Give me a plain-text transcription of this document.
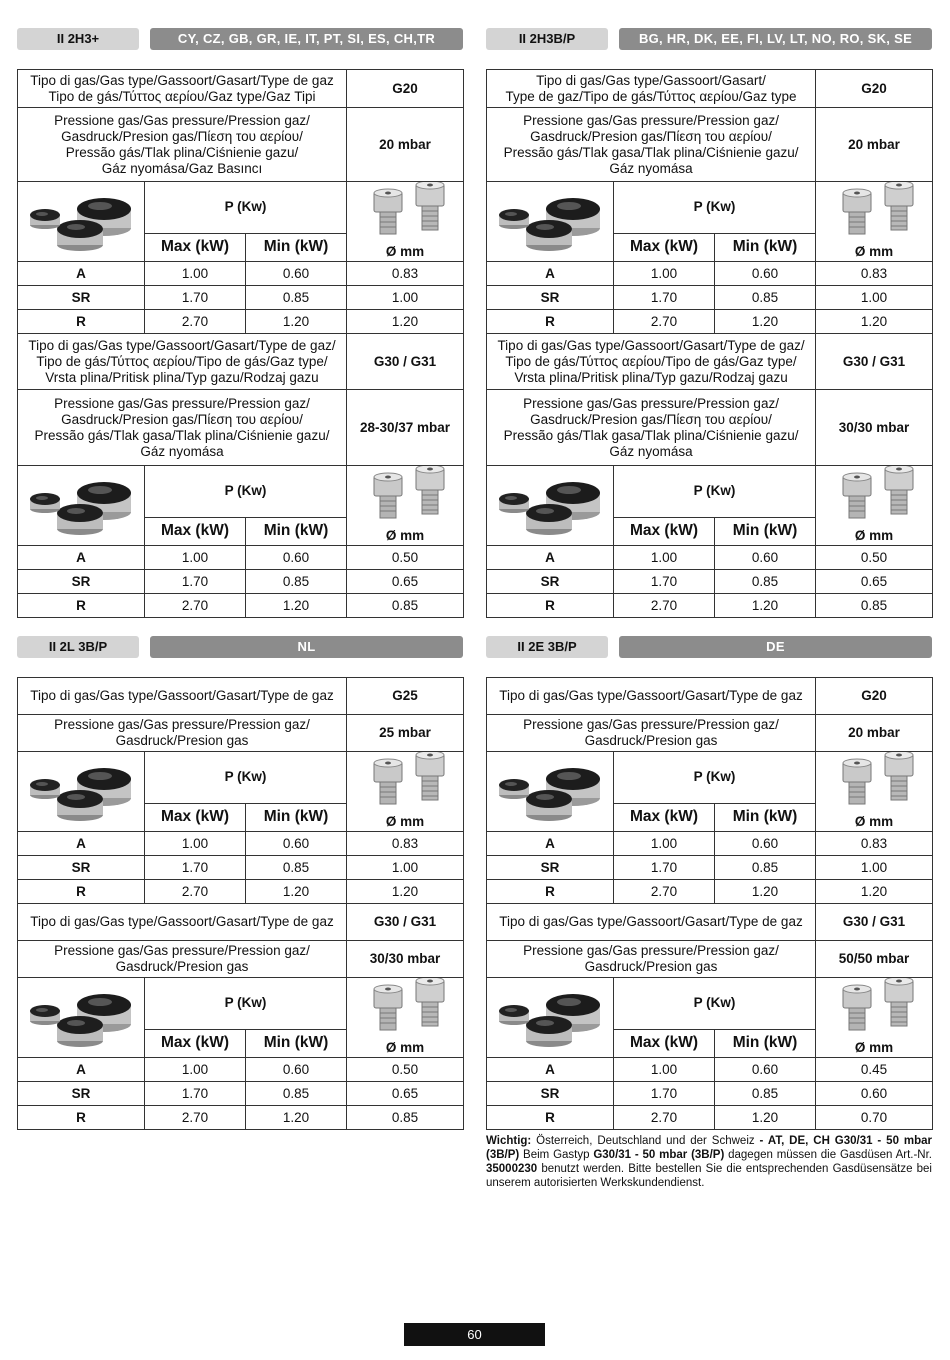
II 2H3+	CY, CZ, GB, GR, IE, IT, PT, SI, ES, CH,TR
Tipo di gas/Gas type/Gassoort/Gasart/Type de gaz
Tipo de gás/Τύττος αερίου/Gaz type/Gaz Tipi			G20
Pressione gas/Gas pressure/Pression gaz/
Gasdruck/Presion gas/Πίεση του αερίου/
Pressão gás/Tlak plina/Ciśnienie gazu/
Gáz nyomása/Gaz Basıncı			20 mbar

	P (Kw)		Ø mm

	Max (kW)	Min (kW)	
A	1.00	0.60	0.83
SR	1.70	0.85	1.00
R	2.70	1.20	1.20
Tipo di gas/Gas type/Gassoort/Gasart/Type de gaz/
Tipo de gás/Τύττος αερίου/Tipo de gás/Gaz type/
Vrsta plina/Pritisk plina/Typ gazu/Rodzaj gazu			G30 / G31
Pressione gas/Gas pressure/Pression gaz/
Gasdruck/Presion gas/Πίεση του αερίου/
Pressão gás/Tlak gasa/Tlak plina/Ciśnienie gazu/
Gáz nyomása			28-30/37 mbar

	P (Kw)		Ø mm

	Max (kW)	Min (kW)	
A	1.00	0.60	0.50
SR	1.70	0.85	0.65
R	2.70	1.20	0.85
II 2H3B/P	BG, HR, DK, EE, FI, LV, LT, NO, RO, SK, SE
Tipo di gas/Gas type/Gassoort/Gasart/
Type de gaz/Tipo de gás/Τύττος αερίου/Gaz type			G20
Pressione gas/Gas pressure/Pression gaz/
Gasdruck/Presion gas/Πίεση του αερίου/
Pressão gás/Tlak gasa/Tlak plina/Ciśnienie gazu/
Gáz nyomása			20 mbar

	P (Kw)		Ø mm

	Max (kW)	Min (kW)	
A	1.00	0.60	0.83
SR	1.70	0.85	1.00
R	2.70	1.20	1.20
Tipo di gas/Gas type/Gassoort/Gasart/Type de gaz/
Tipo de gás/Τύττος αερίου/Tipo de gás/Gaz type/
Vrsta plina/Pritisk plina/Typ gazu/Rodzaj gazu			G30 / G31
Pressione gas/Gas pressure/Pression gaz/
Gasdruck/Presion gas/Πίεση του αερίου/
Pressão gás/Tlak gasa/Tlak plina/Ciśnienie gazu/
Gáz nyomása			30/30 mbar

	P (Kw)		Ø mm

	Max (kW)	Min (kW)	
A	1.00	0.60	0.50
SR	1.70	0.85	0.65
R	2.70	1.20	0.85
II 2L 3B/P	NL
Tipo di gas/Gas type/Gassoort/Gasart/Type de gaz			G25
Pressione gas/Gas pressure/Pression gaz/
Gasdruck/Presion gas			25 mbar

	P (Kw)		Ø mm

	Max (kW)	Min (kW)	
A	1.00	0.60	0.83
SR	1.70	0.85	1.00
R	2.70	1.20	1.20
Tipo di gas/Gas type/Gassoort/Gasart/Type de gaz			G30 / G31
Pressione gas/Gas pressure/Pression gaz/
Gasdruck/Presion gas			30/30 mbar

	P (Kw)		Ø mm

	Max (kW)	Min (kW)	
A	1.00	0.60	0.50
SR	1.70	0.85	0.65
R	2.70	1.20	0.85
II 2E 3B/P	DE
Tipo di gas/Gas type/Gassoort/Gasart/Type de gaz			G20
Pressione gas/Gas pressure/Pression gaz/
Gasdruck/Presion gas			20 mbar

	P (Kw)		Ø mm

	Max (kW)	Min (kW)	
A	1.00	0.60	0.83
SR	1.70	0.85	1.00
R	2.70	1.20	1.20
Tipo di gas/Gas type/Gassoort/Gasart/Type de gaz			G30 / G31
Pressione gas/Gas pressure/Pression gaz/
Gasdruck/Presion gas			50/50 mbar

	P (Kw)		Ø mm

	Max (kW)	Min (kW)	
A	1.00	0.60	0.45
SR	1.70	0.85	0.60
R	2.70	1.20	0.70
Wichtig: Österreich, Deutschland und der Schweiz - AT, DE, CH G30/31 - 50 mbar (3B/P) Beim Gastyp G30/31 - 50 mbar (3B/P) dagegen müssen die Gasdüsen Art.-Nr. 35000230 benutzt werden. Bitte bestellen Sie die entsprechenden Gasdüsensätze bei unserem autorisierten Werkskundendienst.
60
